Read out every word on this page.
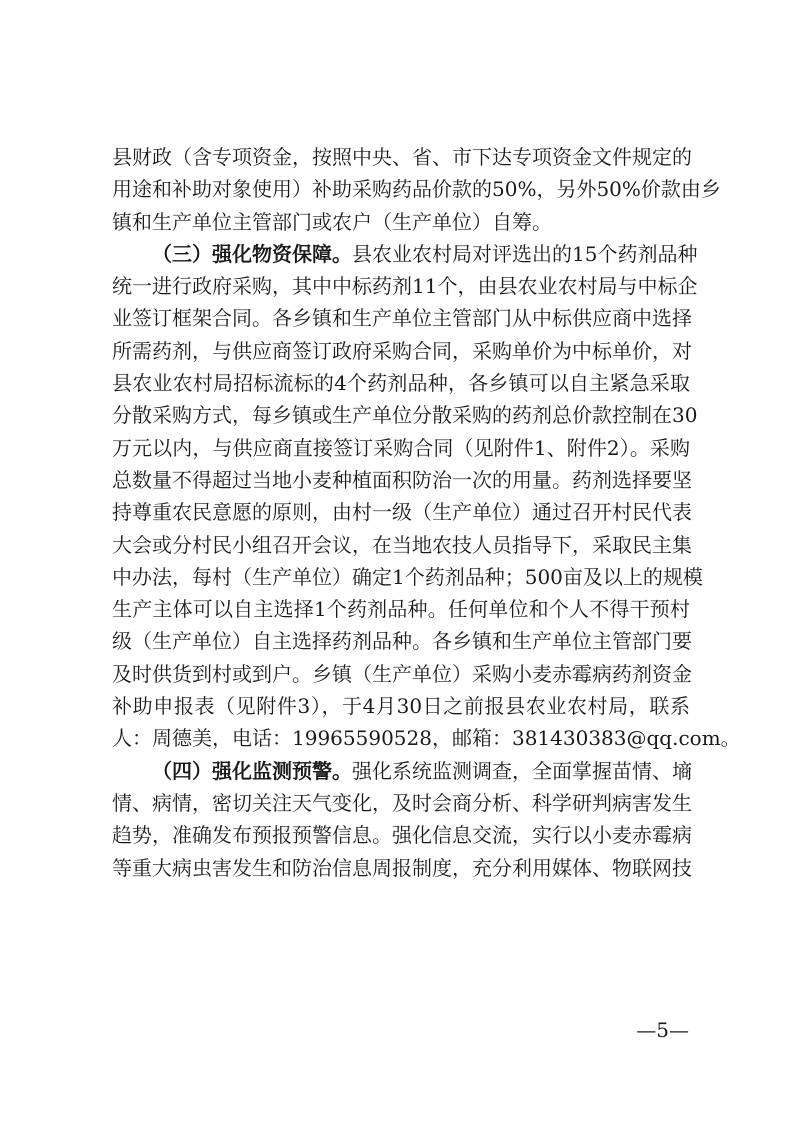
县财政（含专项资金，按照中央、省、市下达专项资金文件规定的
用途和补助对象使用）补助采购药品价款的50%，另外50%价款由乡
镇和生产单位主管部门或农户（生产单位）自筹。
（三）强化物资保障。县农业农村局对评选出的15个药剂品种
统一进行政府采购，其中中标药剂11个，由县农业农村局与中标企
业签订框架合同。各乡镇和生产单位主管部门从中标供应商中选择
所需药剂，与供应商签订政府采购合同，采购单价为中标单价，对
县农业农村局招标流标的4个药剂品种，各乡镇可以自主紧急采取
分散采购方式，每乡镇或生产单位分散采购的药剂总价款控制在30
万元以内，与供应商直接签订采购合同（见附件1、附件2）。采购
总数量不得超过当地小麦种植面积防治一次的用量。药剂选择要坚
持尊重农民意愿的原则，由村一级（生产单位）通过召开村民代表
大会或分村民小组召开会议，在当地农技人员指导下，采取民主集
中办法，每村（生产单位）确定1个药剂品种；500亩及以上的规模
生产主体可以自主选择1个药剂品种。任何单位和个人不得干预村
级（生产单位）自主选择药剂品种。各乡镇和生产单位主管部门要
及时供货到村或到户。乡镇（生产单位）采购小麦赤霉病药剂资金
补助申报表（见附件3），于4月30日之前报县农业农村局，联系
人：周德美，电话：19965590528，邮箱：381430383@qq.com。
（四）强化监测预警。强化系统监测调查，全面掌握苗情、墒
情、病情，密切关注天气变化，及时会商分析、科学研判病害发生
趋势，准确发布预报预警信息。强化信息交流，实行以小麦赤霉病
等重大病虫害发生和防治信息周报制度，充分利用媒体、物联网技
—5—
